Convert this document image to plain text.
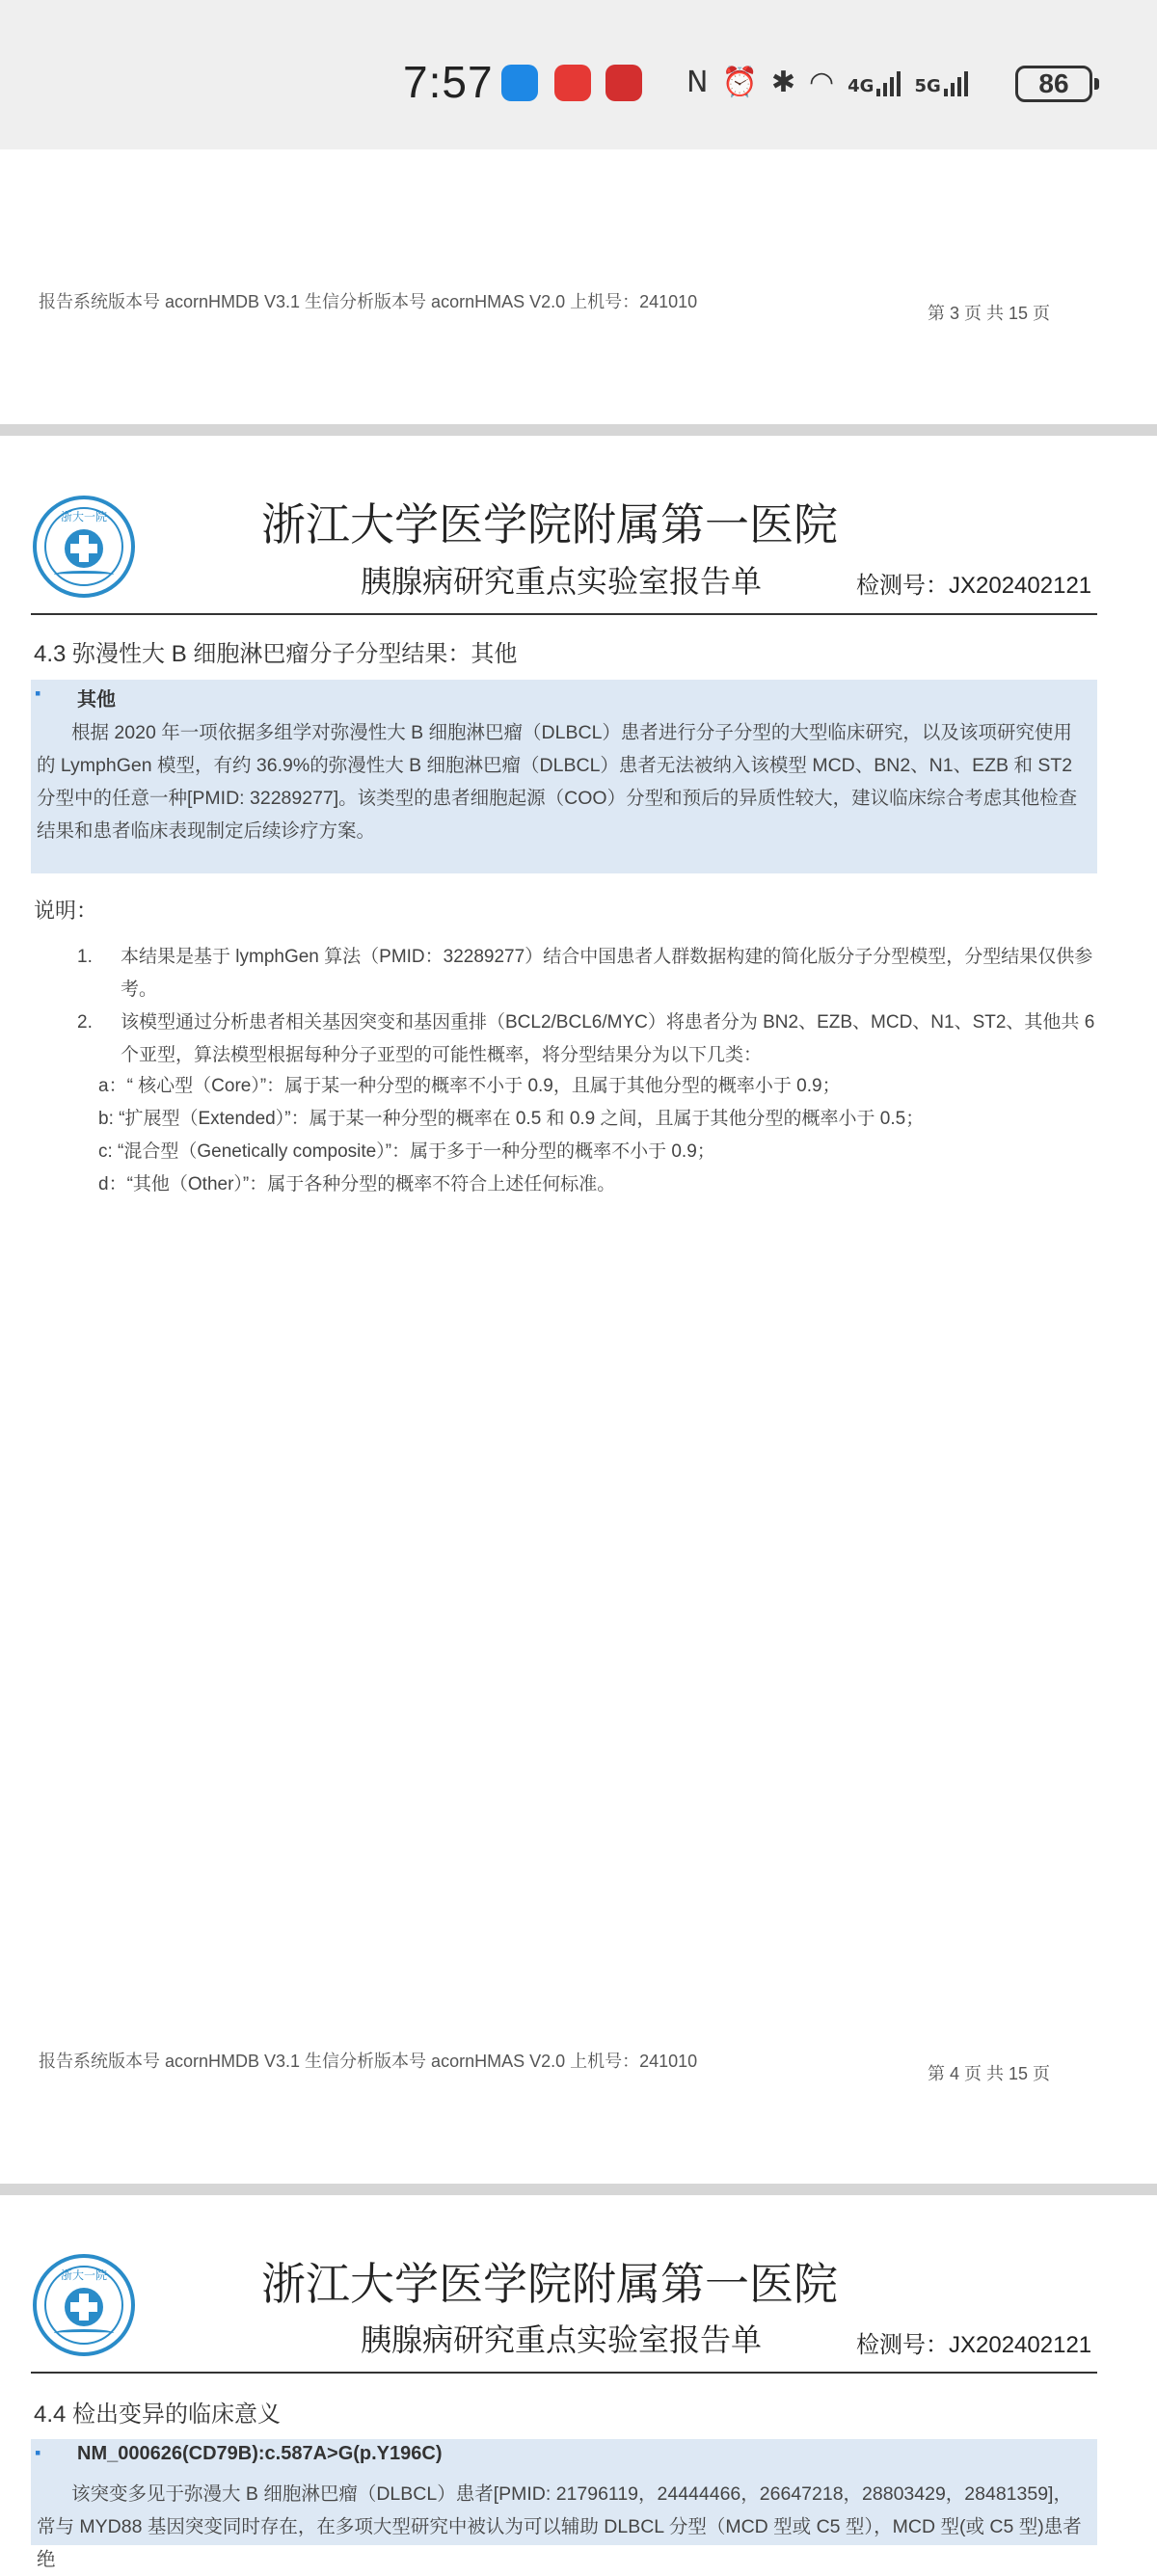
7:57	N ⏰ ✱ ◠ 4G 5G	86
报告系统版本号 acornHMDB V3.1 生信分析版本号 acornHMAS V2.0 上机号：241010
第 3 页 共 15 页
浙大一院	浙江大学医学院附属第一医院
胰腺病研究重点实验室报告单	检测号：JX202402121
4.3 弥漫性大 B 细胞淋巴瘤分子分型结果：其他
▪ 其他
根据 2020 年一项依据多组学对弥漫性大 B 细胞淋巴瘤（DLBCL）患者进行分子分型的大型临床研究，以及该项研究使用的 LymphGen 模型，有约 36.9%的弥漫性大 B 细胞淋巴瘤（DLBCL）患者无法被纳入该模型 MCD、BN2、N1、EZB 和 ST2 分型中的任意一种[PMID: 32289277]。该类型的患者细胞起源（COO）分型和预后的异质性较大，建议临床综合考虑其他检查结果和患者临床表现制定后续诊疗方案。
说明：
1. 本结果是基于 lymphGen 算法（PMID：32289277）结合中国患者人群数据构建的简化版分子分型模型，分型结果仅供参考。
2. 该模型通过分析患者相关基因突变和基因重排（BCL2/BCL6/MYC）将患者分为 BN2、EZB、MCD、N1、ST2、其他共 6 个亚型，算法模型根据每种分子亚型的可能性概率，将分型结果分为以下几类：
a：“ 核心型（Core）”：属于某一种分型的概率不小于 0.9，且属于其他分型的概率小于 0.9；
b: “扩展型（Extended）”：属于某一种分型的概率在 0.5 和 0.9 之间，且属于其他分型的概率小于 0.5；
c: “混合型（Genetically composite）”：属于多于一种分型的概率不小于 0.9；
d：“其他（Other）”：属于各种分型的概率不符合上述任何标准。
报告系统版本号 acornHMDB V3.1 生信分析版本号 acornHMAS V2.0 上机号：241010
第 4 页 共 15 页
浙大一院	浙江大学医学院附属第一医院
胰腺病研究重点实验室报告单	检测号：JX202402121
4.4 检出变异的临床意义
▪ NM_000626(CD79B):c.587A>G(p.Y196C)
该突变多见于弥漫大 B 细胞淋巴瘤（DLBCL）患者[PMID: 21796119，24444466，26647218，28803429，28481359]，常与 MYD88 基因突变同时存在，在多项大型研究中被认为可以辅助 DLBCL 分型（MCD 型或 C5 型），MCD 型(或 C5 型)患者绝
